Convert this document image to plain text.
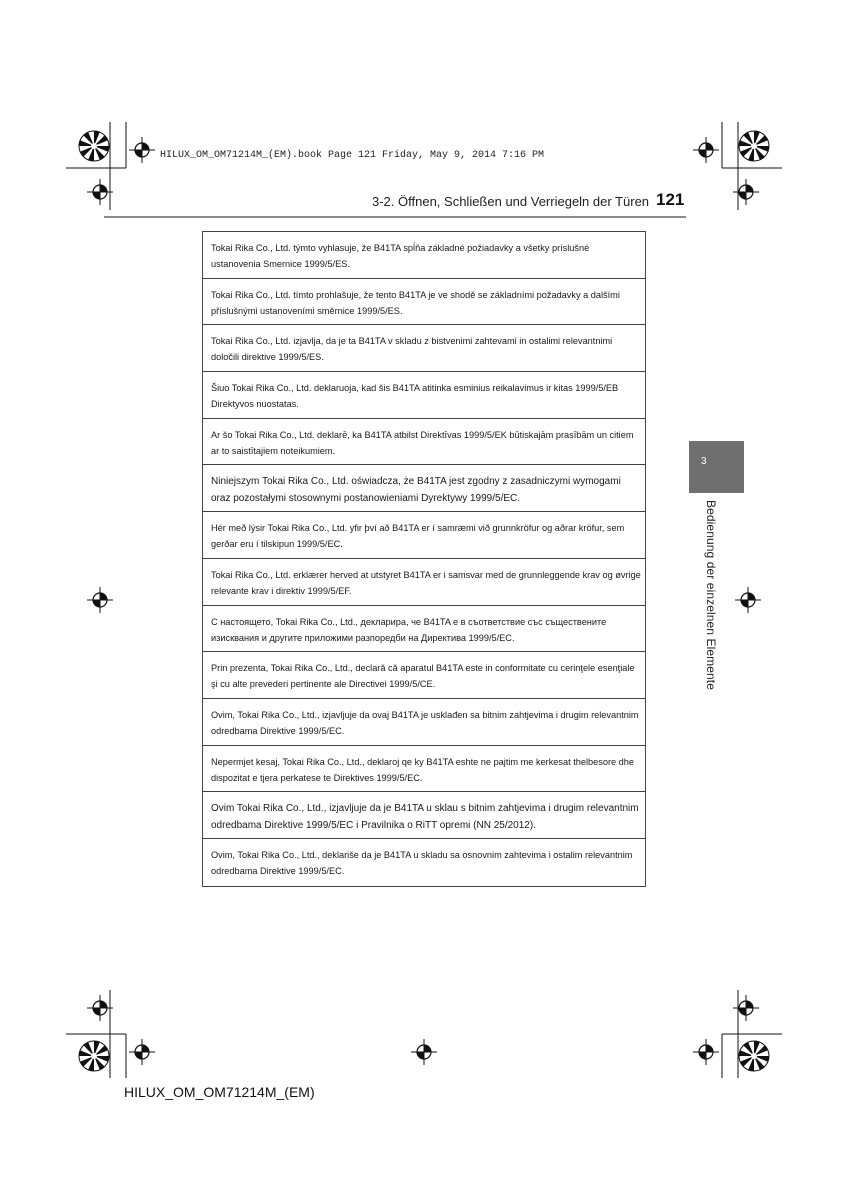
HILUX_OM_OM71214M_(EM).book Page 121 Friday, May 9, 2014 7:16 PM
3-2. Öffnen, Schließen und Verriegeln der Türen 121
3
Bedienung der einzelnen Elemente
Tokai Rika Co., Ltd. týmto vyhlasuje, že B41TA spĺňa základné požiadavky a všetky príslušné ustanovenia Smernice 1999/5/ES.
Tokai Rika Co., Ltd. tímto prohlašuje, že tento B41TA je ve shodě se základními požadavky a dalšími příslušnými ustanoveními směrnice 1999/5/ES.
Tokai Rika Co., Ltd. izjavlja, da je ta B41TA v skladu z bistvenimi zahtevami in ostalimi relevantnimi določili direktive 1999/5/ES.
Šiuo Tokai Rika Co., Ltd. deklaruoja, kad šis B41TA atitinka esminius reikalavimus ir kitas 1999/5/EB Direktyvos nuostatas.
Ar šo Tokai Rika Co., Ltd. deklarē, ka B41TA atbilst Direktīvas 1999/5/EK būtiskajām prasībām un citiem ar to saistītajiem noteikumiem.
Niniejszym Tokai Rika Co., Ltd. oświadcza, że B41TA jest zgodny z zasadniczymi wymogami oraz pozostałymi stosownymi postanowieniami Dyrektywy 1999/5/EC.
Hér með lýsir Tokai Rika Co., Ltd. yfir því að B41TA er í samræmi við grunnkröfur og aðrar kröfur, sem gerðar eru í tilskipun 1999/5/EC.
Tokai Rika Co., Ltd. erklærer herved at utstyret B41TA er i samsvar med de grunnleggende krav og øvrige relevante krav i direktiv 1999/5/EF.
С настоящето, Tokai Rika Co., Ltd., декларира, че B41TA е в съответствие със съществените изисквания и другите приложими разпоредби на Директива 1999/5/ЕС.
Prin prezenta, Tokai Rika Co., Ltd., declară că aparatul B41TA este in conformitate cu cerinţele esenţiale şi cu alte prevederi pertinente ale Directivei 1999/5/CE.
Ovim, Tokai Rika Co., Ltd., izjavljuje da ovaj B41TA je usklađen sa bitnim zahtjevima i drugim relevantnim odredbama Direktive 1999/5/EC.
Nepermjet kesaj, Tokai Rika Co., Ltd., deklaroj qe ky B41TA eshte ne pajtim me kerkesat thelbesore dhe dispozitat e tjera perkatese te Direktives 1999/5/EC.
Ovim Tokai Rika Co., Ltd., izjavljuje da je B41TA u sklau s bitnim zahtjevima i drugim relevantnim odredbama Direktive 1999/5/EC i Pravilnika o RiTT opremi (NN 25/2012).
Ovim, Tokai Rika Co., Ltd., deklariše da je B41TA u skladu sa osnovnim zahtevima i ostalim relevantnim odredbama Direktive 1999/5/EC.
HILUX_OM_OM71214M_(EM)
